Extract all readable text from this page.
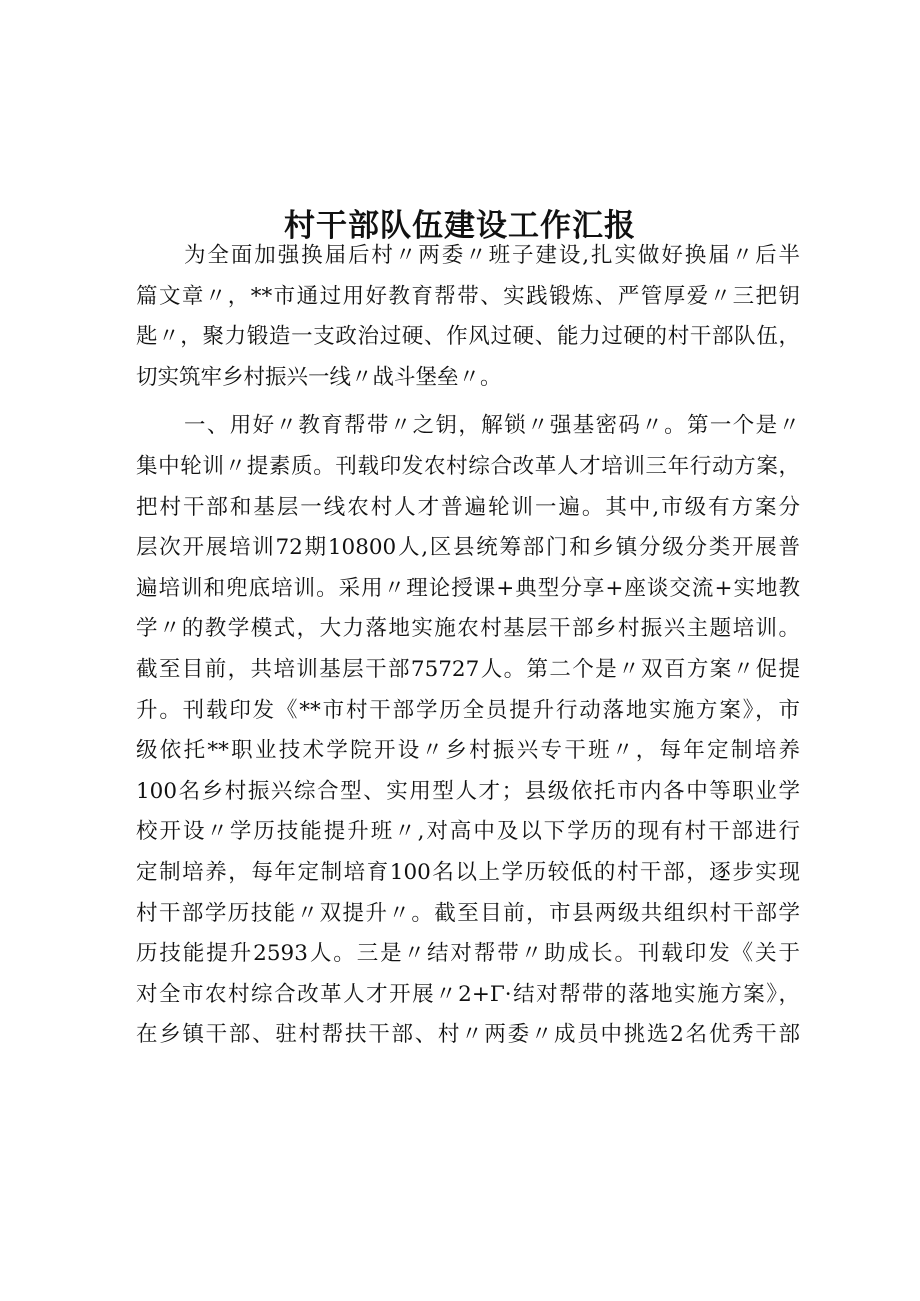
村干部队伍建设工作汇报
为全面加强换届后村〃两委〃班子建设,扎实做好换届〃后半
篇文章〃，**市通过用好教育帮带、实践锻炼、严管厚爱〃三把钥
匙〃，聚力锻造一支政治过硬、作风过硬、能力过硬的村干部队伍，
切实筑牢乡村振兴一线〃战斗堡垒〃。
一、用好〃教育帮带〃之钥，解锁〃强基密码〃。第一个是〃
集中轮训〃提素质。刊载印发农村综合改革人才培训三年行动方案，
把村干部和基层一线农村人才普遍轮训一遍。其中,市级有方案分
层次开展培训72期10800人,区县统筹部门和乡镇分级分类开展普
遍培训和兜底培训。采用〃理论授课+典型分享+座谈交流+实地教
学〃的教学模式，大力落地实施农村基层干部乡村振兴主题培训。
截至目前，共培训基层干部75727人。第二个是〃双百方案〃促提
升。刊载印发《**市村干部学历全员提升行动落地实施方案》，市
级依托**职业技术学院开设〃乡村振兴专干班〃，每年定制培养
100名乡村振兴综合型、实用型人才；县级依托市内各中等职业学
校开设〃学历技能提升班〃,对高中及以下学历的现有村干部进行
定制培养，每年定制培育100名以上学历较低的村干部，逐步实现
村干部学历技能〃双提升〃。截至目前，市县两级共组织村干部学
历技能提升2593人。三是〃结对帮带〃助成长。刊载印发《关于
对全市农村综合改革人才开展〃2+Γ·结对帮带的落地实施方案》，
在乡镇干部、驻村帮扶干部、村〃两委〃成员中挑选2名优秀干部
